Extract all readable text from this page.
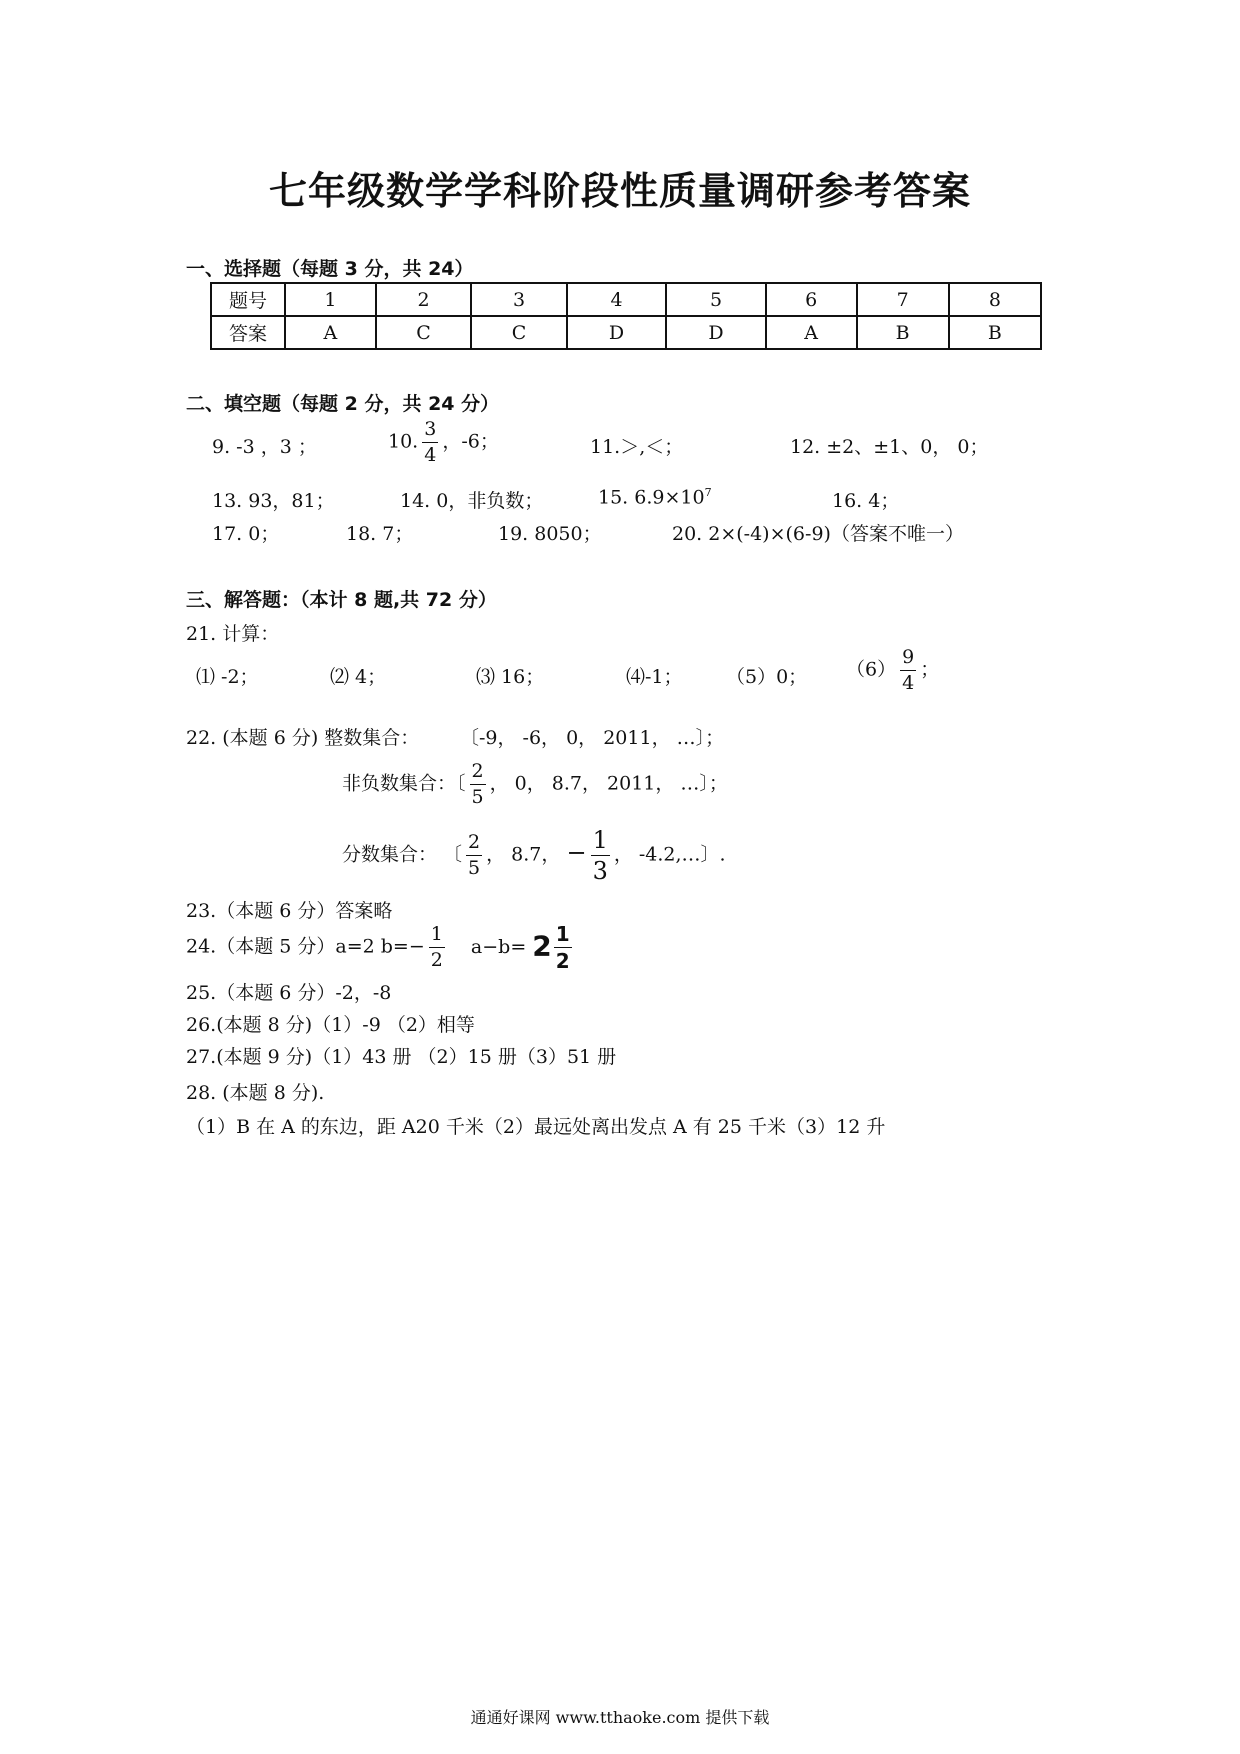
七年级数学学科阶段性质量调研参考答案
一、选择题（每题 3 分，共 24）
题号	1	2	3	4	5	6	7	8
答案	A	C	C	D	D	A	B	B
二、填空题（每题 2 分，共 24 分）
9. -3 ，3 ；	10. $\frac{3}{4}$ ，-6；	11.＞,＜；	12. ±2、±1、0， 0；
13. 93，81；	14. 0，非负数；	15. $6.9\times 10^7$	16. 4；
17. 0；	18. 7；	19. 8050；	20. 2×(-4)×(6-9)（答案不唯一）
三、解答题：（本计 8 题,共 72 分）
21. 计算：
⑴ -2；	⑵ 4；	⑶ 16；	⑷-1； （5）0； $(6) \frac{9}{4}$ ；
22. (本题 6 分) 整数集合： 〔-9， -6， 0， 2011， …〕；
非负数集合：〔 $\frac{2}{5}$ ， 0， 8.7， 2011， …〕；
分数集合： 〔 $\frac{2}{5}$ ， 8.7， − $\frac{1}{3}$ ， -4.2,…〕.
23.（本题 6 分）答案略
24.（本题 5 分）a=2 $b=- \frac{1}{2} a-b= 2 \frac{1}{2}$
25.（本题 6 分）-2，-8
26.(本题 8 分)（1）-9 （2）相等
27.(本题 9 分)（1）43 册 （2）15 册（3）51 册
28. (本题 8 分).
（1）B 在 A 的东边，距 A20 千米（2）最远处离出发点 A 有 25 千米（3）12 升
通通好课网 www.tthaoke.com 提供下载
